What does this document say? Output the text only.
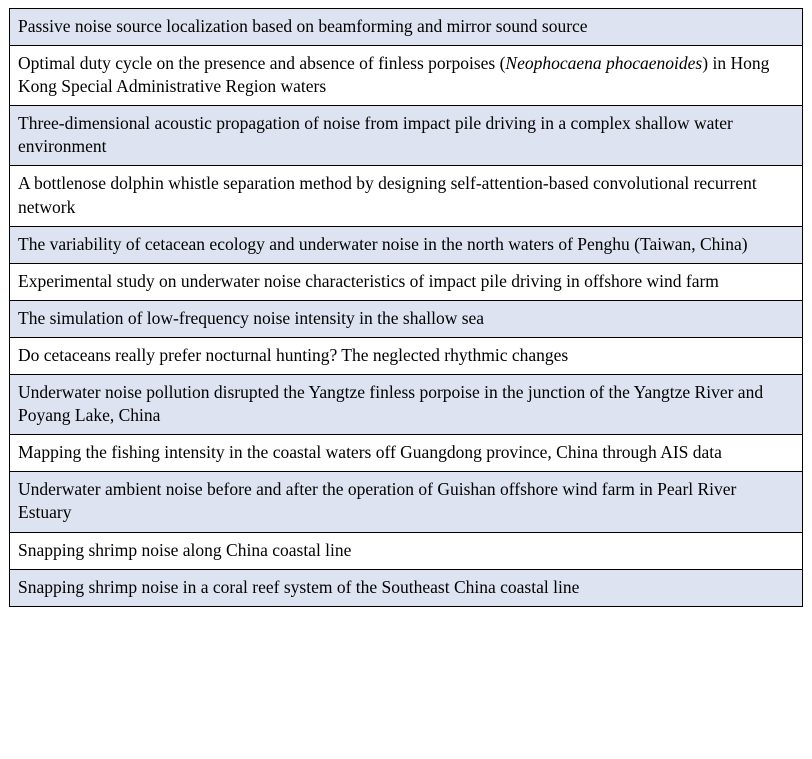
Passive noise source localization based on beamforming and mirror sound source
Optimal duty cycle on the presence and absence of finless porpoises (Neophocaena phocaenoides) in Hong Kong Special Administrative Region waters
Three-dimensional acoustic propagation of noise from impact pile driving in a complex shallow water environment
A bottlenose dolphin whistle separation method by designing self-attention-based convolutional recurrent network
The variability of cetacean ecology and underwater noise in the north waters of Penghu (Taiwan, China)
Experimental study on underwater noise characteristics of impact pile driving in offshore wind farm
The simulation of low-frequency noise intensity in the shallow sea
Do cetaceans really prefer nocturnal hunting? The neglected rhythmic changes
Underwater noise pollution disrupted the Yangtze finless porpoise in the junction of the Yangtze River and Poyang Lake, China
Mapping the fishing intensity in the coastal waters off Guangdong province, China through AIS data
Underwater ambient noise before and after the operation of Guishan offshore wind farm in Pearl River Estuary
Snapping shrimp noise along China coastal line
Snapping shrimp noise in a coral reef system of the Southeast China coastal line
